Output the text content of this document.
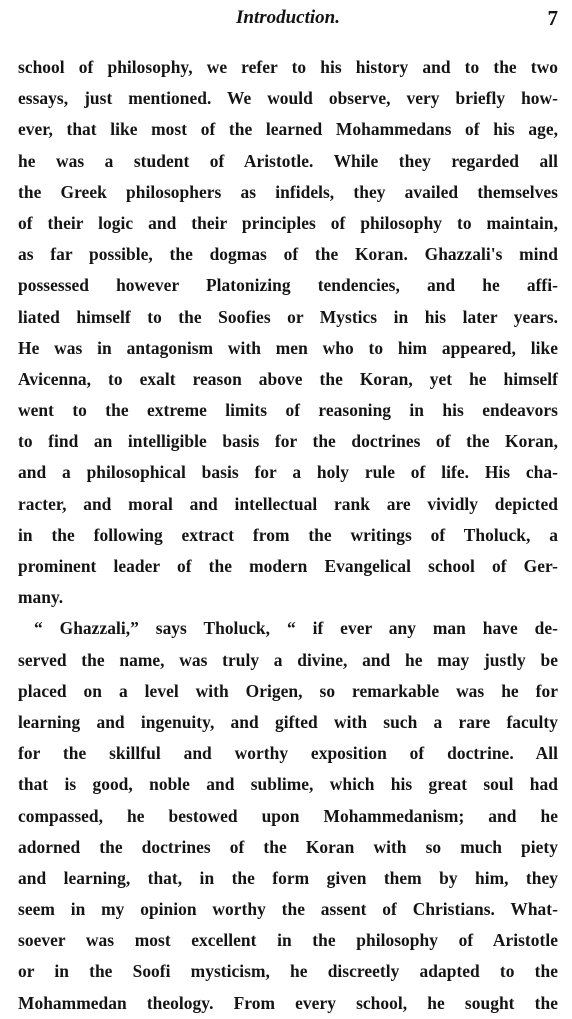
Introduction.	7
school of philosophy, we refer to his history and to the two
essays, just mentioned. We would observe, very briefly how-
ever, that like most of the learned Mohammedans of his age,
he was a student of Aristotle. While they regarded all
the Greek philosophers as infidels, they availed themselves
of their logic and their principles of philosophy to maintain,
as far possible, the dogmas of the Koran. Ghazzali's mind
possessed however Platonizing tendencies, and he affi-
liated himself to the Soofies or Mystics in his later years.
He was in antagonism with men who to him appeared, like
Avicenna, to exalt reason above the Koran, yet he himself
went to the extreme limits of reasoning in his endeavors
to find an intelligible basis for the doctrines of the Koran,
and a philosophical basis for a holy rule of life. His cha-
racter, and moral and intellectual rank are vividly depicted
in the following extract from the writings of Tholuck, a
prominent leader of the modern Evangelical school of Ger-
many.
“ Ghazzali,” says Tholuck, “ if ever any man have de-
served the name, was truly a divine, and he may justly be
placed on a level with Origen, so remarkable was he for
learning and ingenuity, and gifted with such a rare faculty
for the skillful and worthy exposition of doctrine. All
that is good, noble and sublime, which his great soul had
compassed, he bestowed upon Mohammedanism; and he
adorned the doctrines of the Koran with so much piety
and learning, that, in the form given them by him, they
seem in my opinion worthy the assent of Christians. What-
soever was most excellent in the philosophy of Aristotle
or in the Soofi mysticism, he discreetly adapted to the
Mohammedan theology. From every school, he sought the
